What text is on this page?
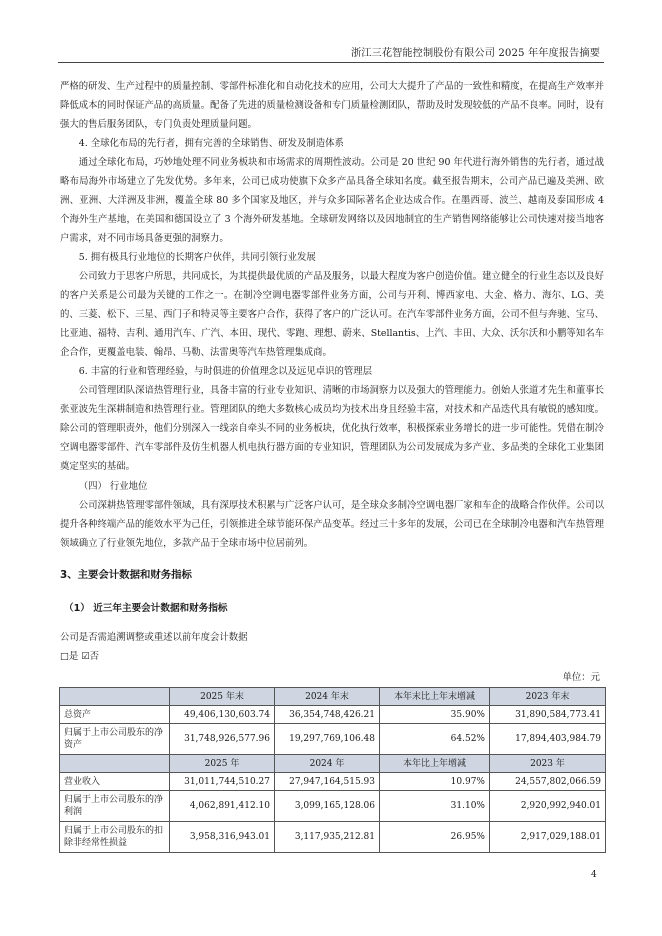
浙江三花智能控制股份有限公司 2025 年年度报告摘要

严格的研发、生产过程中的质量控制、零部件标准化和自动化技术的应用，公司大大提升了产品的一致性和精度，在提高生产效率并降低成本的同时保证产品的高质量。配备了先进的质量检测设备和专门质量检测团队，帮助及时发现较低的产品不良率。同时，设有强大的售后服务团队，专门负责处理质量问题。

4. 全球化布局的先行者，拥有完善的全球销售、研发及制造体系

通过全球化布局，巧妙地处理不同业务板块和市场需求的周期性波动。公司是 20 世纪 90 年代进行海外销售的先行者，通过战略布局海外市场建立了先发优势。多年来，公司已成功使旗下众多产品具备全球知名度。截至报告期末，公司产品已遍及美洲、欧洲、亚洲、大洋洲及非洲，覆盖全球 80 多个国家及地区，并与众多国际著名企业达成合作。在墨西哥、波兰、越南及泰国形成 4 个海外生产基地，在美国和德国设立了 3 个海外研发基地。全球研发网络以及因地制宜的生产销售网络能够让公司快速对接当地客户需求，对不同市场具备更强的洞察力。

5. 拥有极具行业地位的长期客户伙伴，共同引领行业发展

公司致力于思客户所思，共同成长，为其提供最优质的产品及服务，以最大程度为客户创造价值。建立健全的行业生态以及良好的客户关系是公司最为关键的工作之一。在制冷空调电器零部件业务方面，公司与开利、博西家电、大金、格力、海尔、LG、美的、三菱、松下、三星、西门子和特灵等主要客户合作，获得了客户的广泛认可。在汽车零部件业务方面，公司不但与奔驰、宝马、比亚迪、福特、吉利、通用汽车、广汽、本田、现代、零跑、理想、蔚来、Stellantis、上汽、丰田、大众、沃尔沃和小鹏等知名车企合作，更覆盖电装、翰昂、马勒、法雷奥等汽车热管理集成商。

6. 丰富的行业和管理经验，与时俱进的价值理念以及远见卓识的管理层

公司管理团队深谙热管理行业，具备丰富的行业专业知识、清晰的市场洞察力以及强大的管理能力。创始人张道才先生和董事长张亚波先生深耕制造和热管理行业。管理团队的绝大多数核心成员均为技术出身且经验丰富，对技术和产品迭代具有敏锐的感知度。除公司的管理职责外，他们分别深入一线亲自牵头不同的业务板块，优化执行效率，积极探索业务增长的进一步可能性。凭借在制冷空调电器零部件、汽车零部件及仿生机器人机电执行器方面的专业知识，管理团队为公司发展成为多产业、多品类的全球化工业集团奠定坚实的基础。

（四） 行业地位

公司深耕热管理零部件领域，具有深厚技术积累与广泛客户认可，是全球众多制冷空调电器厂家和车企的战略合作伙伴。公司以提升各种终端产品的能效水平为己任，引领推进全球节能环保产品变革。经过三十多年的发展，公司已在全球制冷电器和汽车热管理领域确立了行业领先地位，多款产品于全球市场中位居前列。

3、主要会计数据和财务指标
（1） 近三年主要会计数据和财务指标
公司是否需追溯调整或重述以前年度会计数据
□是 ☑否
单位：元
	2025 年末	2024 年末	本年末比上年末增减	2023 年末
总资产	49,406,130,603.74	36,354,748,426.21	35.90%	31,890,584,773.41
归属于上市公司股东的净资产	31,748,926,577.96	19,297,769,106.48	64.52%	17,894,403,984.79
	2025 年	2024 年	本年比上年增减	2023 年
营业收入	31,011,744,510.27	27,947,164,515.93	10.97%	24,557,802,066.59
归属于上市公司股东的净利润	4,062,891,412.10	3,099,165,128.06	31.10%	2,920,992,940.01
归属于上市公司股东的扣除非经常性损益	3,958,316,943.01	3,117,935,212.81	26.95%	2,917,029,188.01
4
